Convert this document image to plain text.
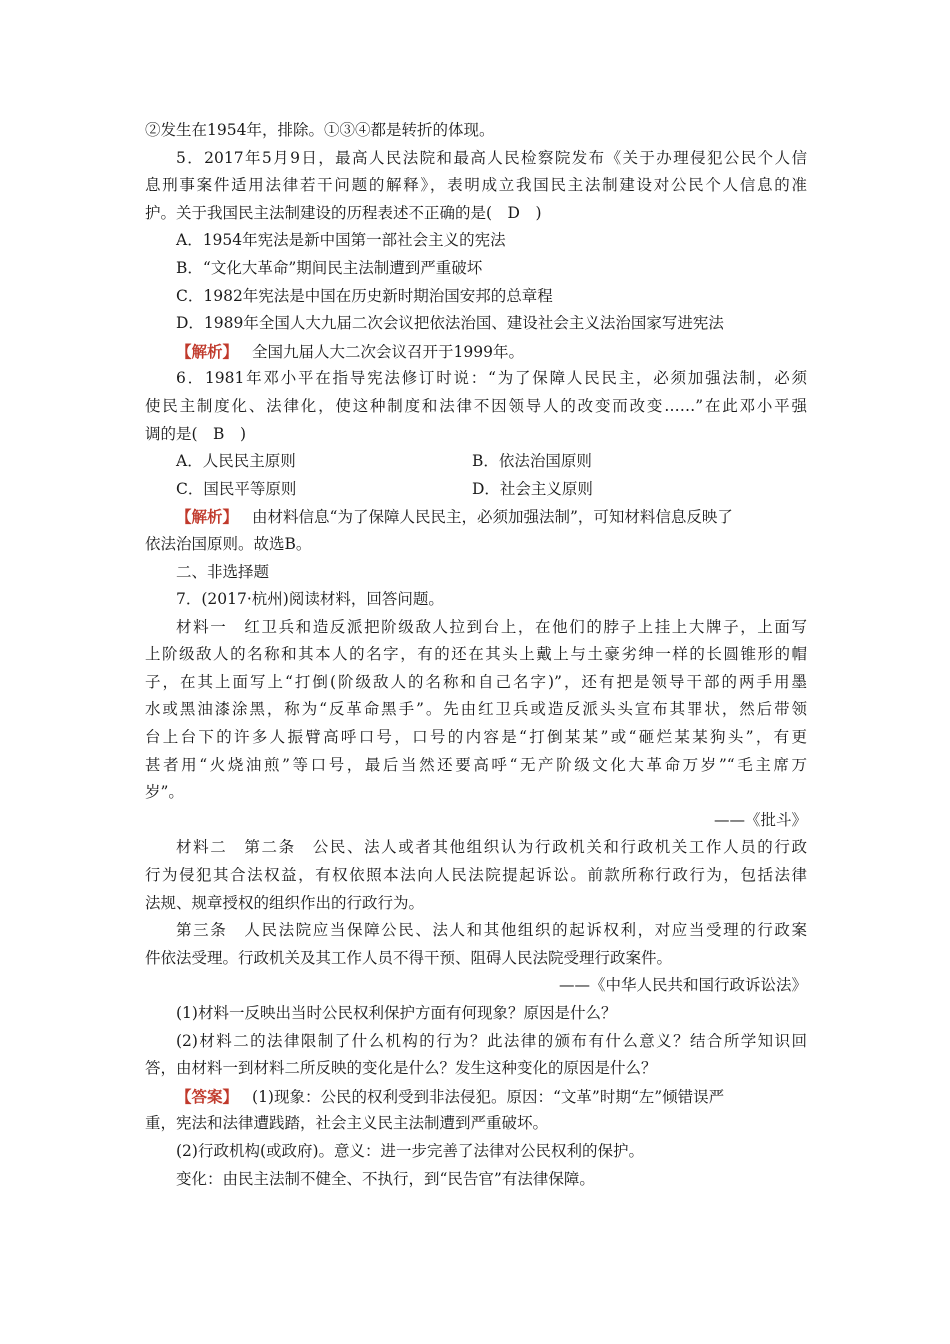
②发生在1954年，排除。①③④都是转折的体现。
5．2017年5月9日，最高人民法院和最高人民检察院发布《关于办理侵犯公民个人信
息刑事案件适用法律若干问题的解释》，表明成立我国民主法制建设对公民个人信息的准
护。关于我国民主法制建设的历程表述不正确的是(　D　)
A．1954年宪法是新中国第一部社会主义的宪法
B．“文化大革命”期间民主法制遭到严重破坏
C．1982年宪法是中国在历史新时期治国安邦的总章程
D．1989年全国人大九届二次会议把依法治国、建设社会主义法治国家写进宪法
【解析】 全国九届人大二次会议召开于1999年。
6．1981年邓小平在指导宪法修订时说：“为了保障人民民主，必须加强法制，必须
使民主制度化、法律化，使这种制度和法律不因领导人的改变而改变……”在此邓小平强
调的是(　B　)
A．人民民主原则	B．依法治国原则
C．国民平等原则	D．社会主义原则
【解析】 由材料信息“为了保障人民民主，必须加强法制”，可知材料信息反映了
依法治国原则。故选B。
二、非选择题
7．(2017·杭州)阅读材料，回答问题。
材料一　红卫兵和造反派把阶级敌人拉到台上，在他们的脖子上挂上大牌子，上面写
上阶级敌人的名称和其本人的名字，有的还在其头上戴上与土豪劣绅一样的长圆锥形的帽
子，在其上面写上“打倒(阶级敌人的名称和自己名字)”，还有把是领导干部的两手用墨
水或黑油漆涂黑，称为“反革命黑手”。先由红卫兵或造反派头头宣布其罪状，然后带领
台上台下的许多人振臂高呼口号，口号的内容是“打倒某某”或“砸烂某某狗头”，有更
甚者用“火烧油煎”等口号，最后当然还要高呼“无产阶级文化大革命万岁”“毛主席万
岁”。
——《批斗》
材料二　第二条　公民、法人或者其他组织认为行政机关和行政机关工作人员的行政
行为侵犯其合法权益，有权依照本法向人民法院提起诉讼。前款所称行政行为，包括法律
法规、规章授权的组织作出的行政行为。
第三条　人民法院应当保障公民、法人和其他组织的起诉权利，对应当受理的行政案
件依法受理。行政机关及其工作人员不得干预、阻碍人民法院受理行政案件。
——《中华人民共和国行政诉讼法》
(1)材料一反映出当时公民权利保护方面有何现象？原因是什么？
(2)材料二的法律限制了什么机构的行为？此法律的颁布有什么意义？结合所学知识回
答，由材料一到材料二所反映的变化是什么？发生这种变化的原因是什么？
【答案】 (1)现象：公民的权利受到非法侵犯。原因：“文革”时期“左”倾错误严
重，宪法和法律遭践踏，社会主义民主法制遭到严重破坏。
(2)行政机构(或政府)。意义：进一步完善了法律对公民权利的保护。
变化：由民主法制不健全、不执行，到“民告官”有法律保障。
